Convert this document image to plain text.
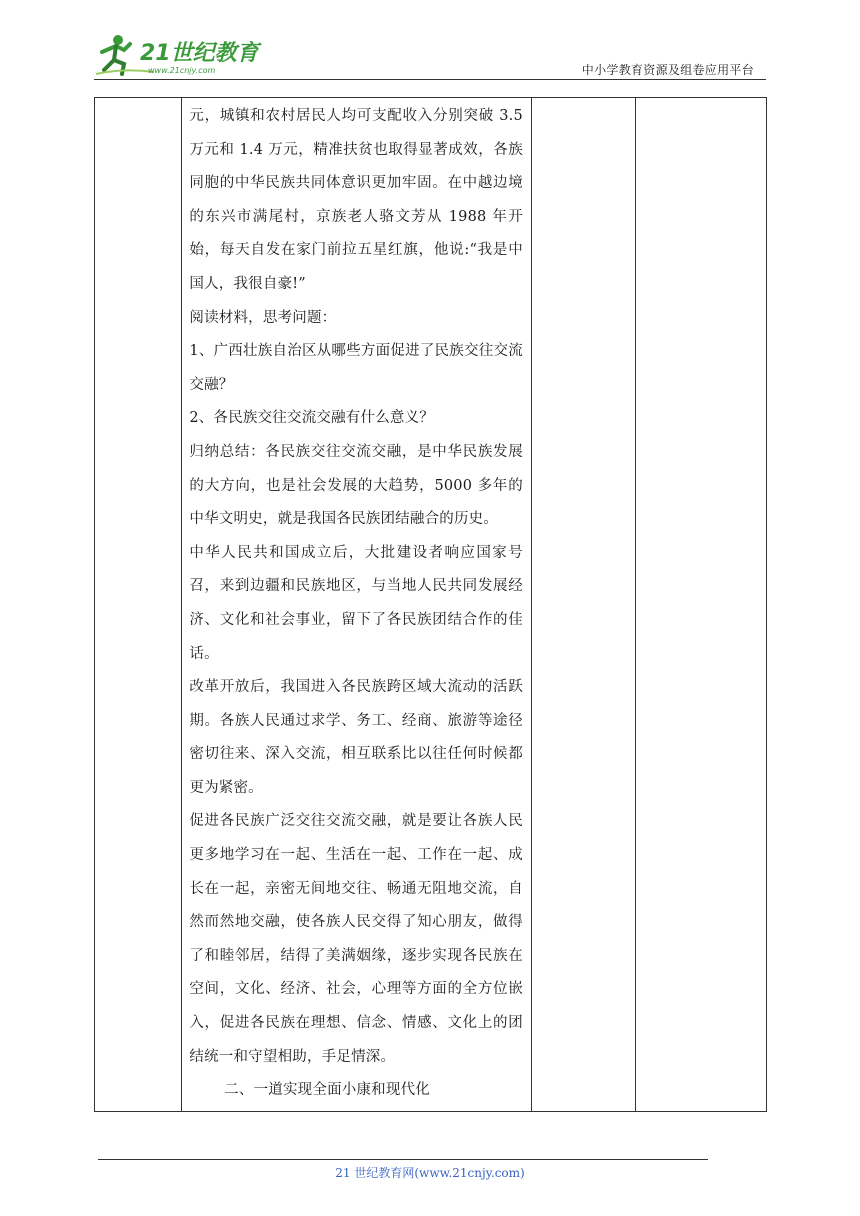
21世纪教育
www.21cnjy.com	中小学教育资源及组卷应用平台

元，城镇和农村居民人均可支配收入分别突破 3.5 万元和 1.4 万元，精准扶贫也取得显著成效，各族同胞的中华民族共同体意识更加牢固。在中越边境的东兴市满尾村，京族老人骆文芳从 1988 年开始，每天自发在家门前拉五星红旗，他说:“我是中国人，我很自豪!”

阅读材料，思考问题：

1、广西壮族自治区从哪些方面促进了民族交往交流交融？

2、各民族交往交流交融有什么意义？

归纳总结：各民族交往交流交融，是中华民族发展的大方向，也是社会发展的大趋势，5000 多年的中华文明史，就是我国各民族团结融合的历史。

中华人民共和国成立后，大批建设者响应国家号召，来到边疆和民族地区，与当地人民共同发展经济、文化和社会事业，留下了各民族团结合作的佳话。

改革开放后，我国进入各民族跨区域大流动的活跃期。各族人民通过求学、务工、经商、旅游等途径密切往来、深入交流，相互联系比以往任何时候都更为紧密。

促进各民族广泛交往交流交融，就是要让各族人民更多地学习在一起、生活在一起、工作在一起、成长在一起，亲密无间地交往、畅通无阻地交流，自然而然地交融，使各族人民交得了知心朋友，做得了和睦邻居，结得了美满姻缘，逐步实现各民族在空间，文化、经济、社会，心理等方面的全方位嵌入，促进各民族在理想、信念、情感、文化上的团结统一和守望相助，手足情深。

二、一道实现全面小康和现代化

21 世纪教育网(www.21cnjy.com)
